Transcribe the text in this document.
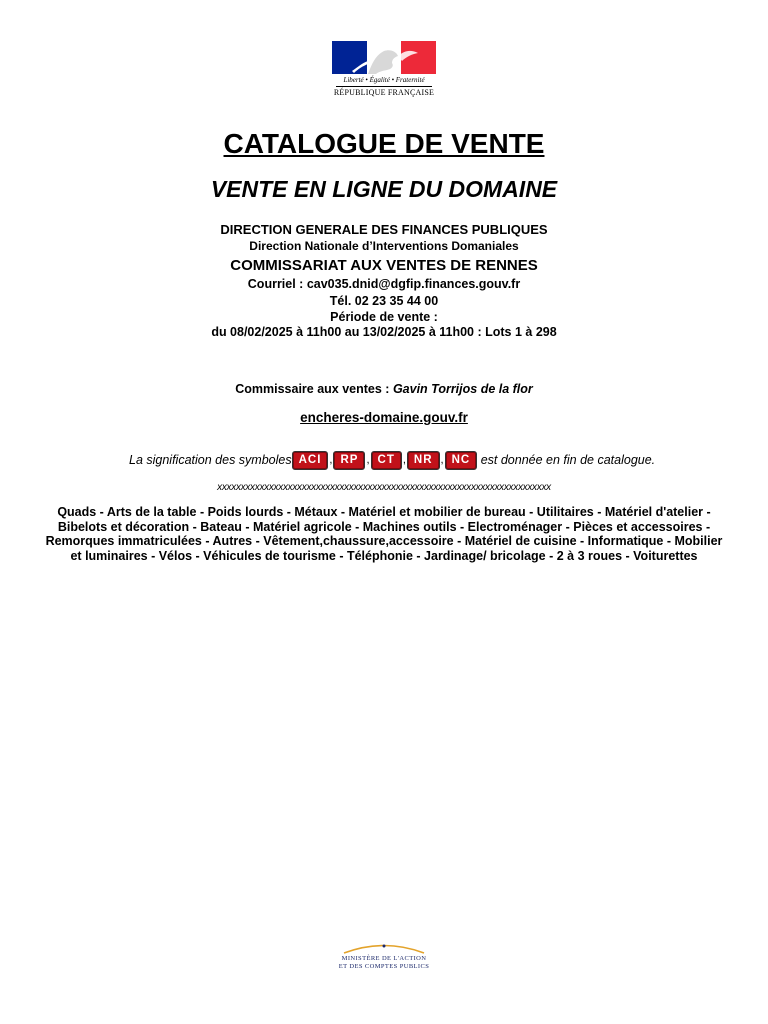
Liberté • Égalité • Fraternité
RÉPUBLIQUE FRANÇAISE
CATALOGUE DE VENTE
VENTE EN LIGNE DU DOMAINE
DIRECTION GENERALE DES FINANCES PUBLIQUES
Direction Nationale d’Interventions Domaniales
COMMISSARIAT AUX VENTES DE RENNES
Courriel : cav035.dnid@dgfip.finances.gouv.fr
Tél. 02 23 35 44 00
Période de vente :
du 08/02/2025 à 11h00 au 13/02/2025 à 11h00 : Lots 1 à 298
Commissaire aux ventes : Gavin Torrijos de la flor
encheres-domaine.gouv.fr
La signification des symboles ACI , RP , CT , NR , NC est donnée en fin de catalogue.
xxxxxxxxxxxxxxxxxxxxxxxxxxxxxxxxxxxxxxxxxxxxxxxxxxxxxxxxxxxxxxxxxxxxxxx
Quads - Arts de la table - Poids lourds - Métaux - Matériel et mobilier de bureau - Utilitaires - Matériel d'atelier - Bibelots et décoration - Bateau - Matériel agricole - Machines outils - Electroménager - Pièces et accessoires - Remorques immatriculées - Autres - Vêtement,chaussure,accessoire - Matériel de cuisine - Informatique - Mobilier et luminaires - Vélos - Véhicules de tourisme - Téléphonie - Jardinage/ bricolage - 2 à 3 roues - Voiturettes
MINISTÈRE DE L'ACTION
ET DES COMPTES PUBLICS
